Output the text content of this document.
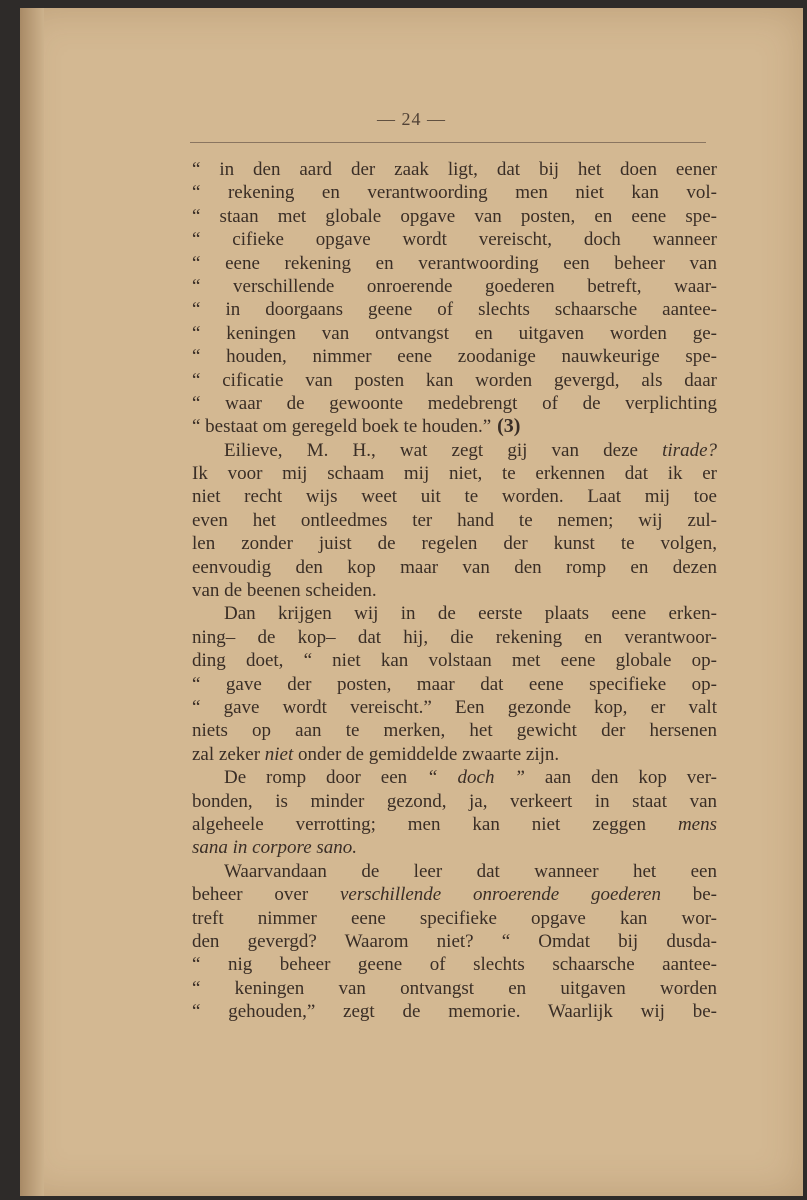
— 24 —
“ in den aard der zaak ligt, dat bij het doen eener
“ rekening en verantwoording men niet kan vol-
“ staan met globale opgave van posten, en eene spe-
“ cifieke opgave wordt vereischt, doch wanneer
“ eene rekening en verantwoording een beheer van
“ verschillende onroerende goederen betreft, waar-
“ in doorgaans geene of slechts schaarsche aantee-
“ keningen van ontvangst en uitgaven worden ge-
“ houden, nimmer eene zoodanige nauwkeurige spe-
“ cificatie van posten kan worden gevergd, als daar
“ waar de gewoonte medebrengt of de verplichting
“ bestaat om geregeld boek te houden.” (3)
Eilieve, M. H., wat zegt gij van deze tirade?
Ik voor mij schaam mij niet, te erkennen dat ik er
niet recht wijs weet uit te worden. Laat mij toe
even het ontleedmes ter hand te nemen; wij zul-
len zonder juist de regelen der kunst te volgen,
eenvoudig den kop maar van den romp en dezen
van de beenen scheiden.
Dan krijgen wij in de eerste plaats eene erken-
ning– de kop– dat hij, die rekening en verantwoor-
ding doet, “ niet kan volstaan met eene globale op-
“ gave der posten, maar dat eene specifieke op-
“ gave wordt vereischt.” Een gezonde kop, er valt
niets op aan te merken, het gewicht der hersenen
zal zeker niet onder de gemiddelde zwaarte zijn.
De romp door een “ doch ” aan den kop ver-
bonden, is minder gezond, ja, verkeert in staat van
algeheele verrotting; men kan niet zeggen mens
sana in corpore sano.
Waarvandaan de leer dat wanneer het een
beheer over verschillende onroerende goederen be-
treft nimmer eene specifieke opgave kan wor-
den gevergd? Waarom niet? “ Omdat bij dusda-
“ nig beheer geene of slechts schaarsche aantee-
“ keningen van ontvangst en uitgaven worden
“ gehouden,” zegt de memorie. Waarlijk wij be-
